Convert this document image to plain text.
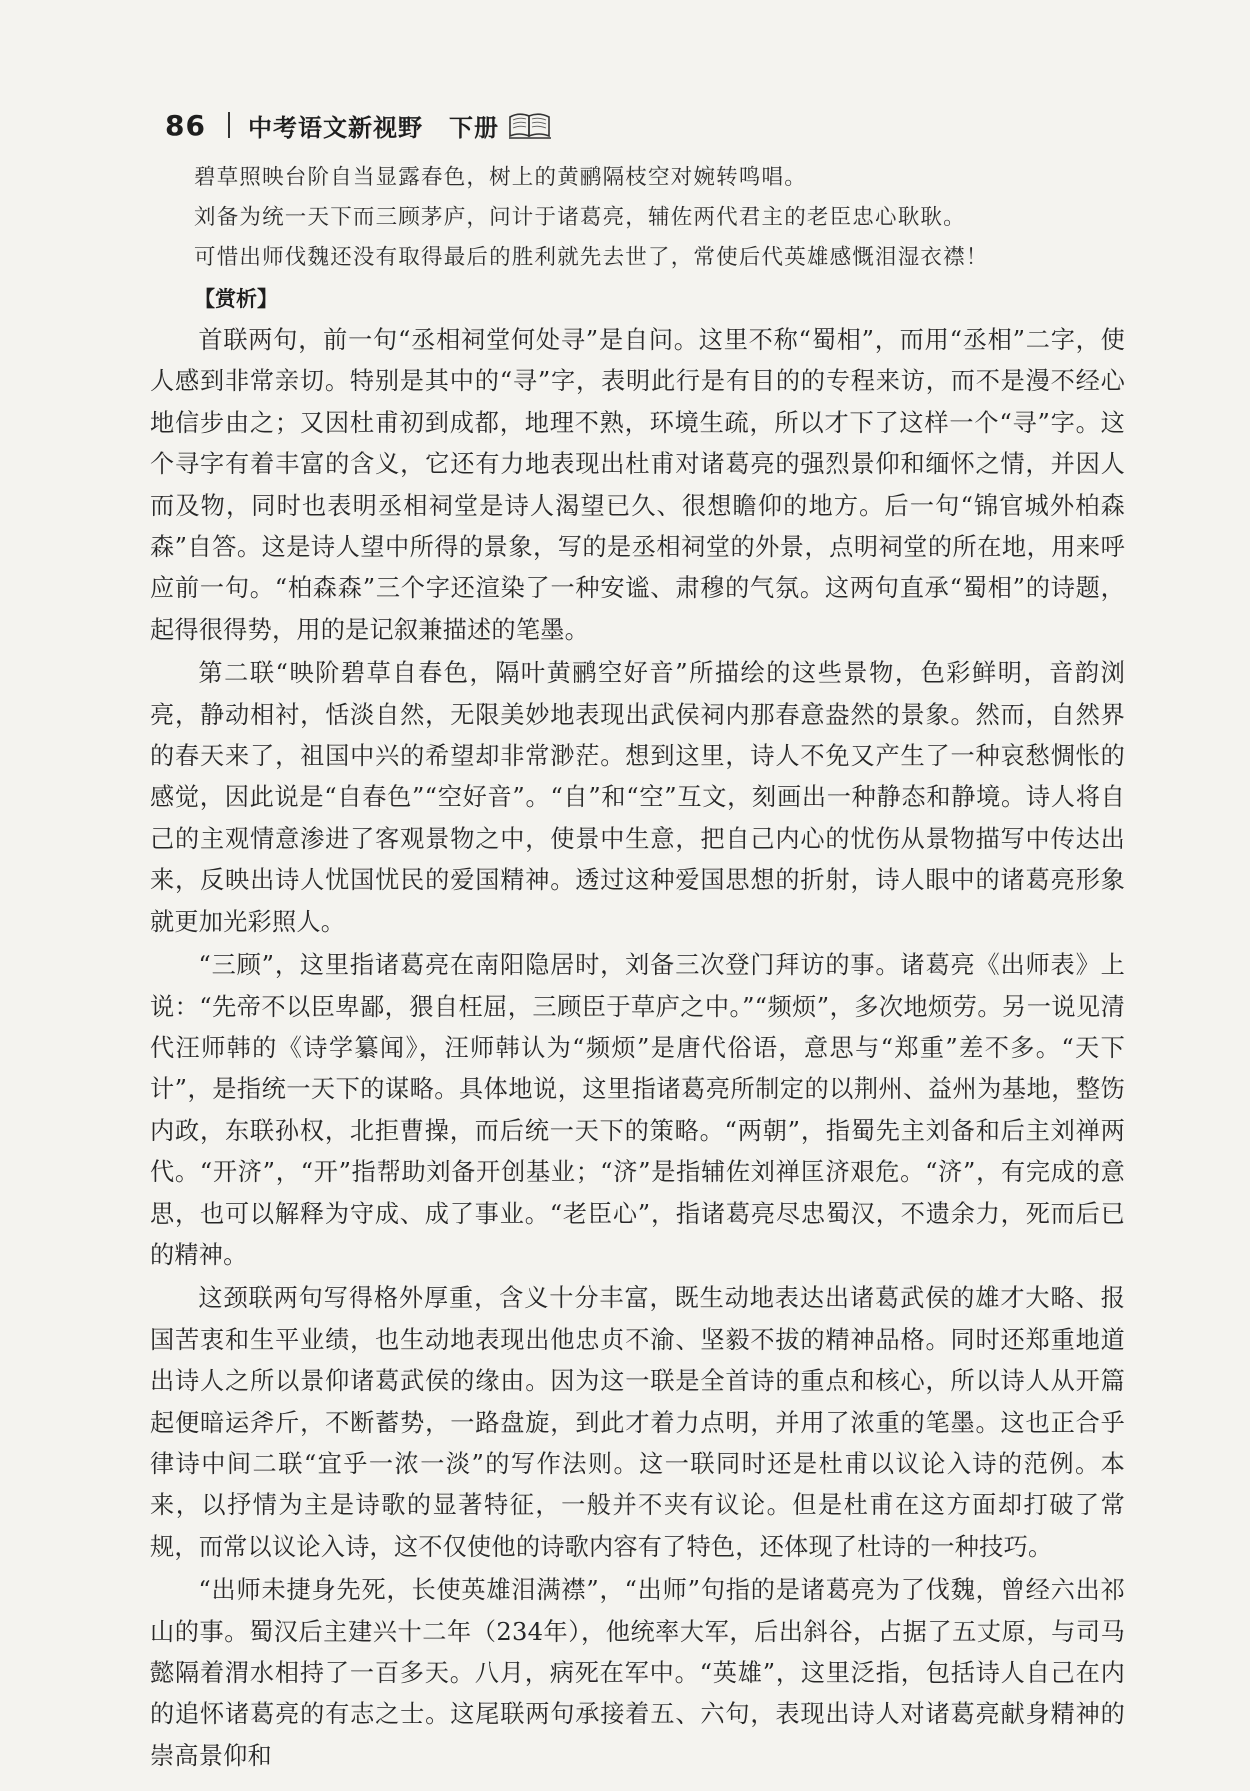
86 中考语文新视野 下册
碧草照映台阶自当显露春色，树上的黄鹂隔枝空对婉转鸣唱。
刘备为统一天下而三顾茅庐，问计于诸葛亮，辅佐两代君主的老臣忠心耿耿。
可惜出师伐魏还没有取得最后的胜利就先去世了，常使后代英雄感慨泪湿衣襟！
【赏析】

首联两句，前一句“丞相祠堂何处寻”是自问。这里不称“蜀相”，而用“丞相”二字，使人感到非常亲切。特别是其中的“寻”字，表明此行是有目的的专程来访，而不是漫不经心地信步由之；又因杜甫初到成都，地理不熟，环境生疏，所以才下了这样一个“寻”字。这个寻字有着丰富的含义，它还有力地表现出杜甫对诸葛亮的强烈景仰和缅怀之情，并因人而及物，同时也表明丞相祠堂是诗人渴望已久、很想瞻仰的地方。后一句“锦官城外柏森森”自答。这是诗人望中所得的景象，写的是丞相祠堂的外景，点明祠堂的所在地，用来呼应前一句。“柏森森”三个字还渲染了一种安谧、肃穆的气氛。这两句直承“蜀相”的诗题，起得很得势，用的是记叙兼描述的笔墨。

第二联“映阶碧草自春色，隔叶黄鹂空好音”所描绘的这些景物，色彩鲜明，音韵浏亮，静动相衬，恬淡自然，无限美妙地表现出武侯祠内那春意盎然的景象。然而，自然界的春天来了，祖国中兴的希望却非常渺茫。想到这里，诗人不免又产生了一种哀愁惆怅的感觉，因此说是“自春色”“空好音”。“自”和“空”互文，刻画出一种静态和静境。诗人将自己的主观情意渗进了客观景物之中，使景中生意，把自己内心的忧伤从景物描写中传达出来，反映出诗人忧国忧民的爱国精神。透过这种爱国思想的折射，诗人眼中的诸葛亮形象就更加光彩照人。

“三顾”，这里指诸葛亮在南阳隐居时，刘备三次登门拜访的事。诸葛亮《出师表》上说：“先帝不以臣卑鄙，猥自枉屈，三顾臣于草庐之中。”“频烦”，多次地烦劳。另一说见清代汪师韩的《诗学纂闻》，汪师韩认为“频烦”是唐代俗语，意思与“郑重”差不多。“天下计”，是指统一天下的谋略。具体地说，这里指诸葛亮所制定的以荆州、益州为基地，整饬内政，东联孙权，北拒曹操，而后统一天下的策略。“两朝”，指蜀先主刘备和后主刘禅两代。“开济”，“开”指帮助刘备开创基业；“济”是指辅佐刘禅匡济艰危。“济”，有完成的意思，也可以解释为守成、成了事业。“老臣心”，指诸葛亮尽忠蜀汉，不遗余力，死而后已的精神。

这颈联两句写得格外厚重，含义十分丰富，既生动地表达出诸葛武侯的雄才大略、报国苦衷和生平业绩，也生动地表现出他忠贞不渝、坚毅不拔的精神品格。同时还郑重地道出诗人之所以景仰诸葛武侯的缘由。因为这一联是全首诗的重点和核心，所以诗人从开篇起便暗运斧斤，不断蓄势，一路盘旋，到此才着力点明，并用了浓重的笔墨。这也正合乎律诗中间二联“宜乎一浓一淡”的写作法则。这一联同时还是杜甫以议论入诗的范例。本来，以抒情为主是诗歌的显著特征，一般并不夹有议论。但是杜甫在这方面却打破了常规，而常以议论入诗，这不仅使他的诗歌内容有了特色，还体现了杜诗的一种技巧。

“出师未捷身先死，长使英雄泪满襟”，“出师”句指的是诸葛亮为了伐魏，曾经六出祁山的事。蜀汉后主建兴十二年（234年），他统率大军，后出斜谷，占据了五丈原，与司马懿隔着渭水相持了一百多天。八月，病死在军中。“英雄”，这里泛指，包括诗人自己在内的追怀诸葛亮的有志之士。这尾联两句承接着五、六句，表现出诗人对诸葛亮献身精神的崇高景仰和
